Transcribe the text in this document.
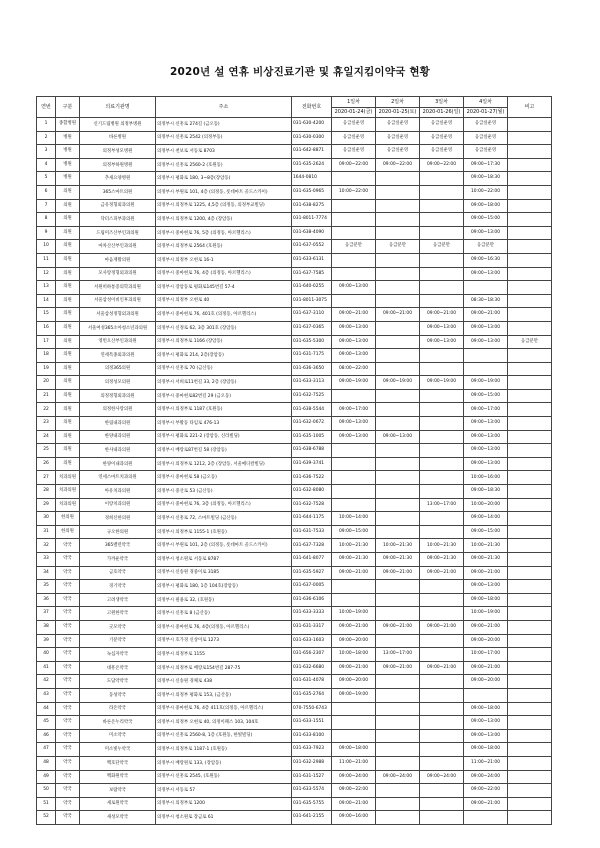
2020년 설 연휴 비상진료기관 및 휴일지킴이약국 현황
연번	구분	의료기관명	주소	전화번호	1일차	2일차	3일차	4일차	비고
					2020-01-24(금)	2020-01-25(토)	2020-01-26(일)	2020-01-27(월)	
1	종합병원	신기드림병원 의정부병원	의정부시 신흥로 274길 (금오동)	031-630-4200	응급실운영	응급실운영	응급실운영	응급실운영	
2	병원	바른병원	의정부시 신흥로 2542 (의정부동)	031-630-0300	응급실운영	응급실운영	응급실운영	응급실운영	
3	병원	의정부성모병원	의정부시 천보로 서동로 8703	031-642-8871	응급실운영	응급실운영	응급실운영	응급실운영	
4	병원	의정부하원병원	의정부시 신흥로 2560-2 (호원동)	031-635-2624	09:00~22:00	09:00~22:00	09:00~22:00	09:00~17:30	
5	병원	추새요양병원	의정부시 평화로 180, 3~8층(장암동)	1644-0810				09:00~18:30	
6	의원	365스마트의원	의정부시 부원로 101, 4층 (의정동, 롯데마트 골드스카이)	031-635-0965	10:00~22:00			10:00~22:00	
7	의원	금유정형외과의원	의정부시 의정부로 1225, 4,5층 (의정동, 의정부교빌딩)	031-638-8275				09:00~18:00	
8	의원	닥터스피부과의원	의정부시 의정부로 1200, 4층 (장암동)	031-8011-7774				09:00~15:00	
9	의원	드림미즈산부인과의원	의정부시 중마현로 76, 5층 (의정동, 아르헬리스)	031-638-4090				09:00~13:00	
10	의원	마차산산부인과의원	의정부시 의정부로 2564 (호원동)	031-637-0552	응급분만	응급분만	응급분만	응급분만	
11	의원	마음재활의원	의정부시 의정부 오현로 16-1	031-633-6131				09:00~16:30	
12	의원	모사랑정형외과의원	의정부시 중마현로 76, 4층 (의정동, 아르헬리스)	031-637-7585				09:00~13:00	
13	의원	서원히하통증의학과의원	의정부시 장암동로 평화로145번길 57-4	031-640-0255	09:00~13:00				
14	의원	서울삼성이비인후과의원	의정부시 의정부 오현로 40	031-8011-3075				08:30~18:30	
15	의원	서울삼성정형외과의원	의정부시 중마현로 76, 401호 (의정동, 아르헬리스)	031-637-3110	09:00~21:00	09:00~21:00	09:00~21:00	09:00~21:00	
16	의원	서울여성365소아청소년과의원	의정부시 신정로 62, 3층 301호 (장암동)	031-637-0365	09:00~13:00		09:00~13:00	09:00~13:00	
17	의원	영빈오산부인과의원	의정부시 의정부로 1166 (장암동)	031-635-5300	09:00~13:00		09:00~13:00	09:00~13:00	응급분만
18	의원	연세특종외과의원	의정부시 평화로 214, 2층(장암동)	031-631-7175	09:00~13:00				
19	의원	의정365의원	의정부시 신흥로 70 (금산동)	031-636-3650	08:00~22:00				
20	의원	의정성모의원	의정부시 서희로11번길 33, 2층 (장암동)	031-633-3113	09:00~19:00	09:00~19:00	09:00~19:00	09:00~19:00	
21	의원	의정정형외과의원	의정부시 중마현로82번길 29 (금오동)	031-632-7525				09:00~15:00	
22	의원	의정한사랑의원	의정부시 의정부로 1187 (호원동)	031-638-5544	09:00~17:00			09:00~17:00	
23	의원	한림내과의원	의정부시 부활동 타임로 476-13	031-632-0672	09:00~13:00			09:00~13:00	
24	의원	한양내과의원	의정부시 평화로 221-2 (장암동, 신라빌딩)	031-635-1005	09:00~13:00	09:00~13:00		09:00~13:00	
25	의원	한사내과의원	의정부시 배랑로87번길 58 (장암동)	031-638-6788				09:00~13:00	
26	의원	한양이내과의원	의정부시 의정부로 1212, 2층 (장암동, 서울메디칼빌딩)	031-639-3741				09:00~13:00	
27	치과의원	연세스마트치과의원	의정부시 중마현로 58 (금오동)	031-636-7522				10:00~16:00	
28	치과의원	아유치과의원	의정부시 중산로 53 (금산동)	031-632-8080				09:00~18:30	
29	치과의원	이랑치과의원	의정부시 중마현로 76, 3층 (의정동, 아르헬리스)	031-632-7528			13:00~17:00	10:00~20:00	
30	한의원	경희신한의원	의정부시 신흥로 72, 스마트빌딩 (금산동)	031-644-1175	10:00~14:00			09:00~14:00	
31	한의원	규오한의원	의정부시 의정부로 1155-1 (호원동)	031-631-7533	09:00~15:00			09:00~15:00	
32	약국	365밸런약국	의정부시 부원로 101, 2층 (의정동, 롯데마트 골드스카이)	031-637-7328	10:00~21:30	10:00~21:30	10:00~21:30	10:00~21:30	
33	약국	가까운약국	의정부시 청소원로 서동로 8787	031-641-8077	09:00~21:30	09:00~21:30	09:00~21:30	09:00~21:30	
34	약국	금호약국	의정부시 신송원 경중이로 3185	031-635-5927	09:00~21:00	09:00~21:00	09:00~21:00	09:00~21:00	
35	약국	경기약국	의정부시 평화로 180, 1층 104호(장암동)	031-637-0005				09:00~13:00	
36	약국	고려생약국	의정부시 필용로 32, (호원동)	031-636-6106				09:00~18:00	
37	약국	고원한약국	의정부시 신흥로 8 (금산동)	031-633-3333	10:00~19:00			10:00~19:00	
38	약국	굿모약국	의정부시 중마현로 76, 4층(의정동, 아르헬리스)	031-631-3317	09:00~21:00	09:00~21:00	09:00~21:00	09:00~21:00	
39	약국	기분약국	의정부시 호가경 신상이로 1273	031-633-1603	09:00~20:00			09:00~20:00	
40	약국	녹십자약국	의정부시 의정부로 1155	031-656-2307	10:00~18:00	13:00~17:00		10:00~17:00	
41	약국	대흥온약국	의정부시 의정부로 배랑로154번길 287-75	031-632-6680	09:00~21:00	09:00~21:00	09:00~21:00	09:00~21:00	
42	약국	도담약약국	의정부시 신송원 경체로 438	031-631-4078	09:00~20:00			09:00~20:00	
43	약국	동성약국	의정부시 의정부 평화로 153, (금산동)	031-635-2764	09:00~19:00				
44	약국	라온약국	의정부시 중마현로 76, 4층 411호(의정동, 아르헬리스)	070-7550-6743				09:00~18:00	
45	약국	바른온누리약국	의정부시 의정부 오현로 40, 의정이패스 103, 104호	031-633-1551				09:00~13:00	
46	약국	미소약국	의정부시 신흥로 2560-8, 1층 (호원동, 한빛빌딩)	031-633-8100				09:00~13:00	
47	약국	미소빛누약국	의정부시 의정부로 1187-1 (호원동)	031-633-7923	09:00~18:00			09:00~18:00	
48	약국	백호단약국	의정부시 배랑원로 133, (장암동)	031-632-2988	11:00~21:00			11:00~21:00	
49	약국	백화원약국	의정부시 신흥로 2545, (호원동)	031-631-1527	09:00~24:00	09:00~24:00	09:00~24:00	09:00~24:00	
50	약국	보람약국	의정부시 서동로 57	031-633-5574	09:00~22:00			09:00~22:00	
51	약국	새로원약국	의정부시 의정부로 1200	031-635-5755	09:00~21:00			09:00~21:00	
52	약국	새성모약국	의정부시 청소원로 장금로 61	031-641-2155	09:00~16:00				
